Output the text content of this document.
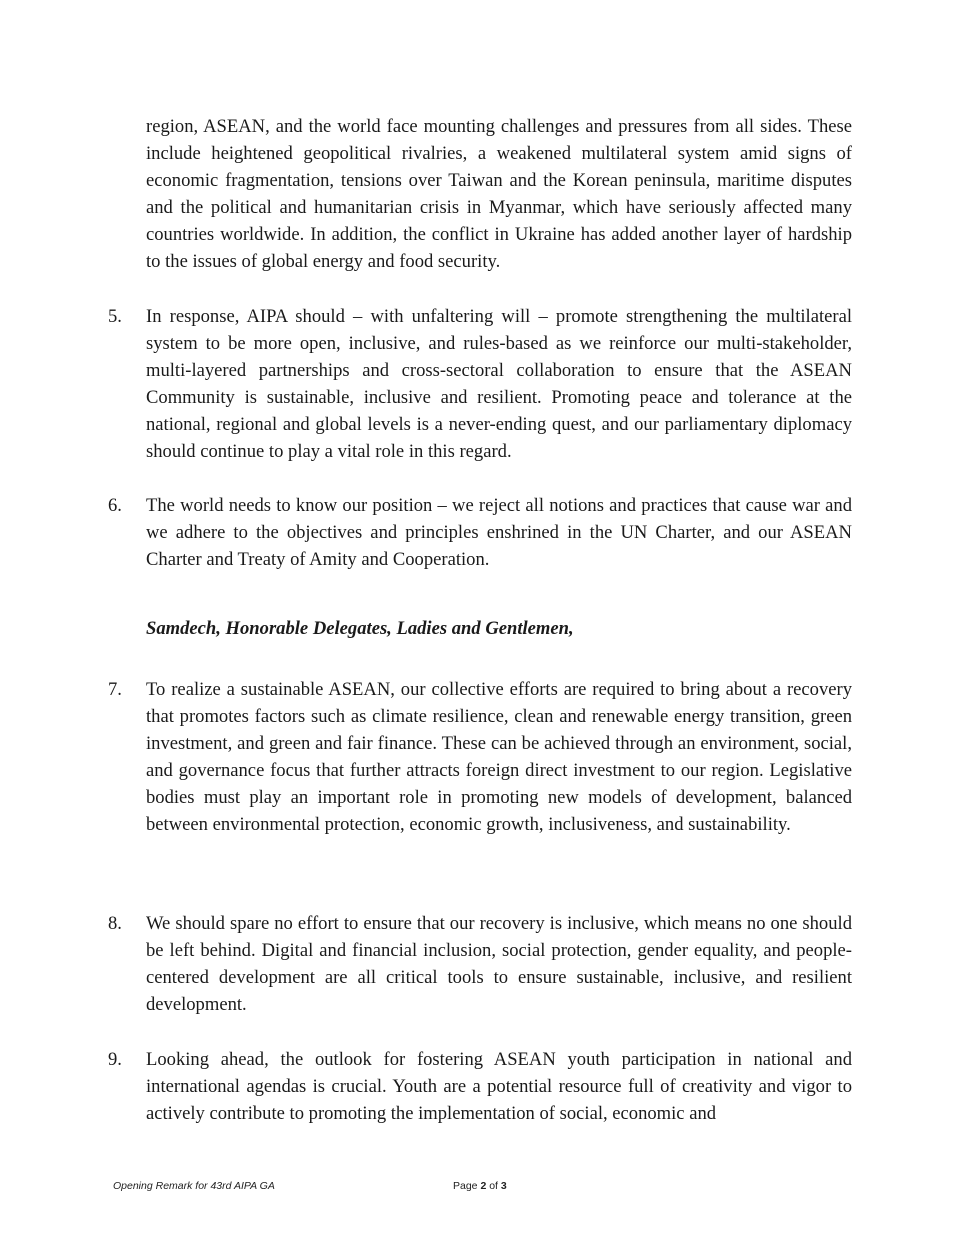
region, ASEAN, and the world face mounting challenges and pressures from all sides. These include heightened geopolitical rivalries, a weakened multilateral system amid signs of economic fragmentation, tensions over Taiwan and the Korean peninsula, maritime disputes and the political and humanitarian crisis in Myanmar, which have seriously affected many countries worldwide. In addition, the conflict in Ukraine has added another layer of hardship to the issues of global energy and food security.

5. In response, AIPA should – with unfaltering will – promote strengthening the multilateral system to be more open, inclusive, and rules-based as we reinforce our multi-stakeholder, multi-layered partnerships and cross-sectoral collaboration to ensure that the ASEAN Community is sustainable, inclusive and resilient. Promoting peace and tolerance at the national, regional and global levels is a never-ending quest, and our parliamentary diplomacy should continue to play a vital role in this regard.

6. The world needs to know our position – we reject all notions and practices that cause war and we adhere to the objectives and principles enshrined in the UN Charter, and our ASEAN Charter and Treaty of Amity and Cooperation.

Samdech, Honorable Delegates, Ladies and Gentlemen,

7. To realize a sustainable ASEAN, our collective efforts are required to bring about a recovery that promotes factors such as climate resilience, clean and renewable energy transition, green investment, and green and fair finance. These can be achieved through an environment, social, and governance focus that further attracts foreign direct investment to our region. Legislative bodies must play an important role in promoting new models of development, balanced between environmental protection, economic growth, inclusiveness, and sustainability.

8. We should spare no effort to ensure that our recovery is inclusive, which means no one should be left behind. Digital and financial inclusion, social protection, gender equality, and people-centered development are all critical tools to ensure sustainable, inclusive, and resilient development.

9. Looking ahead, the outlook for fostering ASEAN youth participation in national and international agendas is crucial. Youth are a potential resource full of creativity and vigor to actively contribute to promoting the implementation of social, economic and

Opening Remark for 43rd AIPA GA	Page 2 of 3
